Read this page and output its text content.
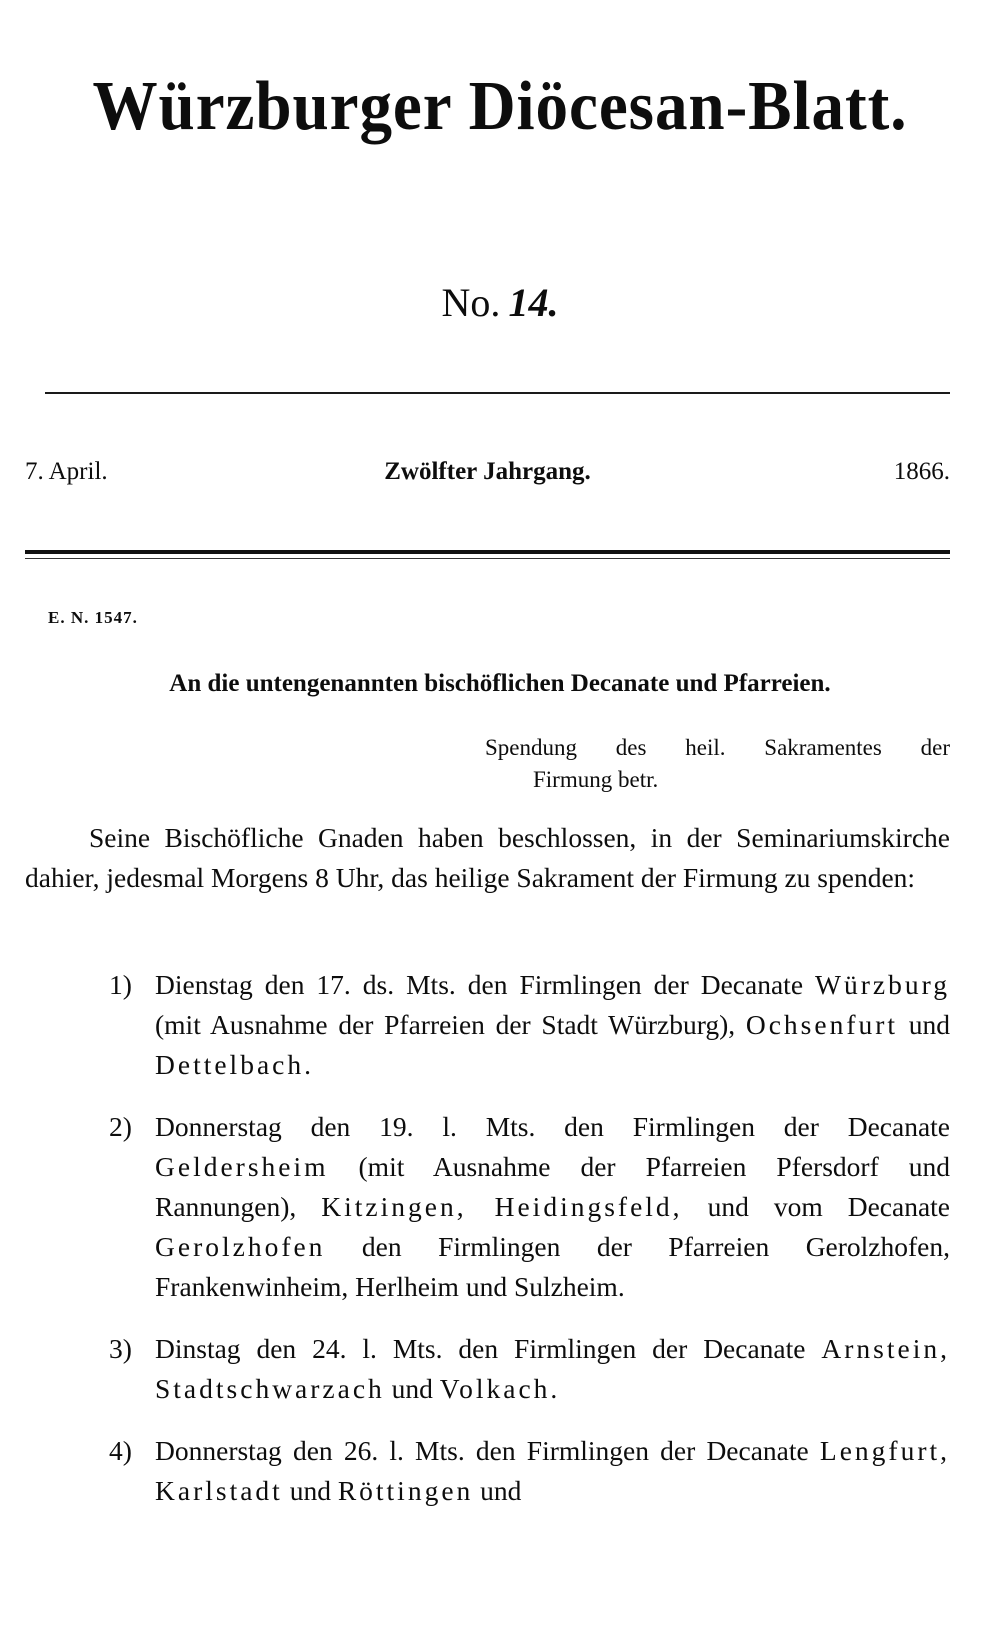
Würzburger Diöcesan-Blatt.
No. 14.
7. April.	Zwölfter Jahrgang.	1866.
E. N. 1547.
An die untengenannten bischöflichen Decanate und Pfarreien.
Spendung des heil. Sakramentes der
Firmung betr.

Seine Bischöfliche Gnaden haben beschlossen, in der Seminariumskirche dahier, jedesmal Morgens 8 Uhr, das heilige Sakrament der Firmung zu spenden:

1) Dienstag den 17. ds. Mts. den Firmlingen der Decanate Würzburg (mit Ausnahme der Pfarreien der Stadt Würzburg), Ochsenfurt und Dettelbach.
2) Donnerstag den 19. l. Mts. den Firmlingen der Decanate Geldersheim (mit Ausnahme der Pfarreien Pfersdorf und Rannungen), Kitzingen, Heidingsfeld, und vom Decanate Gerolzhofen den Firmlingen der Pfarreien Gerolzhofen, Frankenwinheim, Herlheim und Sulzheim.
3) Dinstag den 24. l. Mts. den Firmlingen der Decanate Arnstein, Stadtschwarzach und Volkach.
4) Donnerstag den 26. l. Mts. den Firmlingen der Decanate Lengfurt, Karlstadt und Röttingen und
